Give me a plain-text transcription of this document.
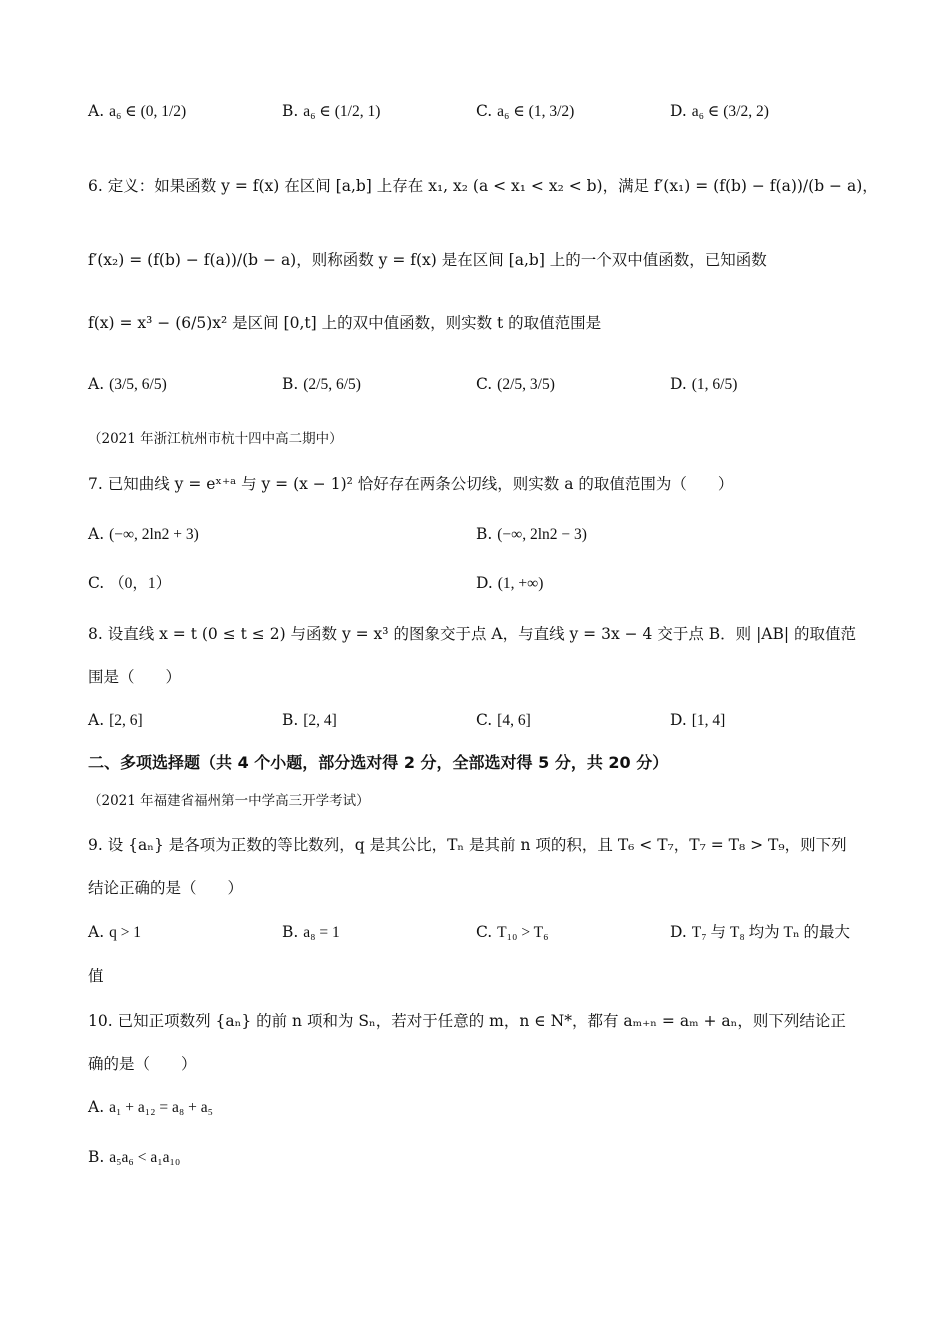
A. a₆ ∈ (0, 1/2)	B. a₆ ∈ (1/2, 1)	C. a₆ ∈ (1, 3/2)	D. a₆ ∈ (3/2, 2)
6. 定义：如果函数 y = f(x) 在区间 [a,b] 上存在 x₁, x₂ (a < x₁ < x₂ < b)，满足 f′(x₁) = (f(b) − f(a))/(b − a)，
f′(x₂) = (f(b) − f(a))/(b − a)，则称函数 y = f(x) 是在区间 [a,b] 上的一个双中值函数，已知函数
f(x) = x³ − (6/5)x² 是区间 [0,t] 上的双中值函数，则实数 t 的取值范围是
A. (3/5, 6/5)	B. (2/5, 6/5)	C. (2/5, 3/5)	D. (1, 6/5)
（2021 年浙江杭州市杭十四中高二期中）
7. 已知曲线 y = eˣ⁺ᵃ 与 y = (x − 1)² 恰好存在两条公切线，则实数 a 的取值范围为（　　）
A. (−∞, 2ln2 + 3)	B. (−∞, 2ln2 − 3)
C. （0，1）	D. (1, +∞)
8. 设直线 x = t (0 ≤ t ≤ 2) 与函数 y = x³ 的图象交于点 A，与直线 y = 3x − 4 交于点 B．则 |AB| 的取值范
围是（　　）
A. [2, 6]	B. [2, 4]	C. [4, 6]	D. [1, 4]
二、多项选择题（共 4 个小题，部分选对得 2 分，全部选对得 5 分，共 20 分）
（2021 年福建省福州第一中学高三开学考试）
9. 设 {aₙ} 是各项为正数的等比数列，q 是其公比，Tₙ 是其前 n 项的积，且 T₆ < T₇，T₇ = T₈ > T₉，则下列
结论正确的是（　　）
A. q > 1	B. a₈ = 1	C. T₁₀ > T₆	D. T₇ 与 T₈ 均为 Tₙ 的最大
值
10. 已知正项数列 {aₙ} 的前 n 项和为 Sₙ，若对于任意的 m，n ∈ N*，都有 aₘ₊ₙ = aₘ + aₙ，则下列结论正
确的是（　　）
A. a₁ + a₁₂ = a₈ + a₅
B. a₅a₆ < a₁a₁₀
